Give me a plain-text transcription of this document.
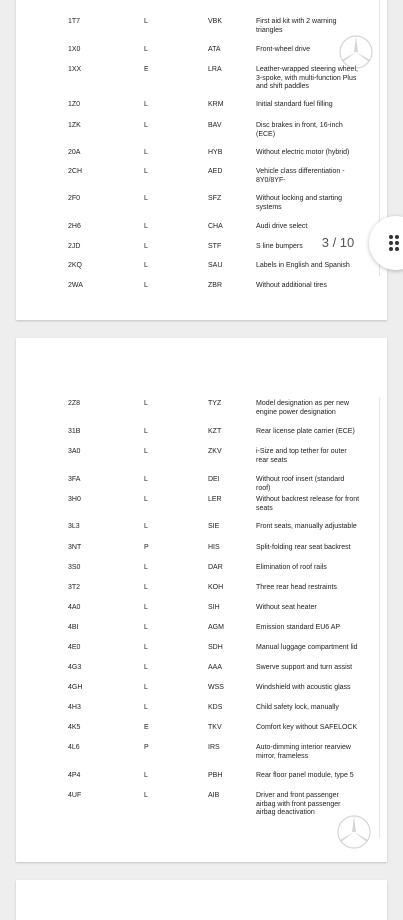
1T7	L	VBK	First aid kit with 2 warning triangles
1X0	L	ATA	Front-wheel drive
1XX	E	LRA	Leather-wrapped steering wheel, 3-spoke, with multi-function Plus and shift paddles
1Z0	L	KRM	Initial standard fuel filling
1ZK	L	BAV	Disc brakes in front, 16-inch (ECE)
20A	L	HYB	Without electric motor (hybrid)
2CH	L	AED	Vehicle class differentiation - 8Y0/8YF-
2F0	L	SFZ	Without locking and starting systems
2H6	L	CHA	Audi drive select
2JD	L	STF	S line bumpers
2KQ	L	SAU	Labels in English and Spanish
2WA	L	ZBR	Without additional tires
2Z8	L	TYZ	Model designation as per new engine power designation
31B	L	KZT	Rear license plate carrier (ECE)
3A0	L	ZKV	i-Size and top tether for outer rear seats
3FA	L	DEI	Without roof insert (standard roof)
3H0	L	LER	Without backrest release for front seats
3L3	L	SIE	Front seats, manually adjustable
3NT	P	HIS	Split-folding rear seat backrest
3S0	L	DAR	Elimination of roof rails
3T2	L	KOH	Three rear head restraints
4A0	L	SIH	Without seat heater
4BI	L	AGM	Emission standard EU6 AP
4E0	L	SDH	Manual luggage compartment lid
4G3	L	AAA	Swerve support and turn assist
4GH	L	WSS	Windshield with acoustic glass
4H3	L	KDS	Child safety lock, manually
4K5	E	TKV	Comfort key without SAFELOCK
4L6	P	IRS	Auto-dimming interior rearview mirror, frameless
4P4	L	PBH	Rear floor panel module, type 5
4UF	L	AIB	Driver and front passenger airbag with front passenger airbag deactivation
3 / 10
